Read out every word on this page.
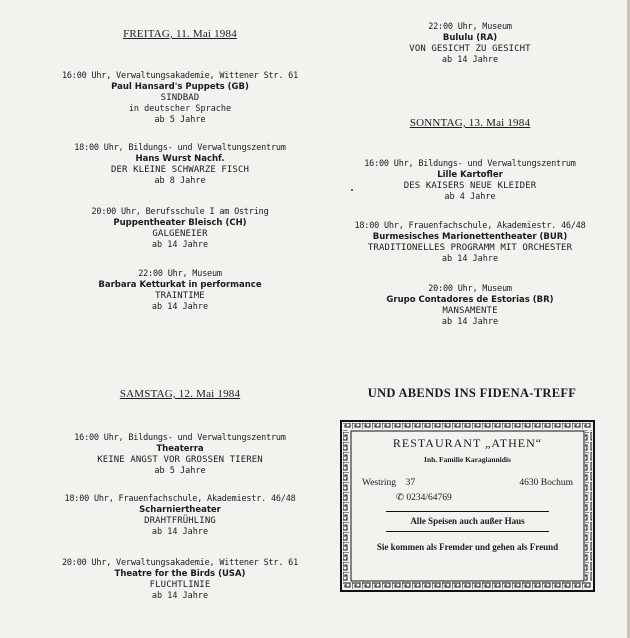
FREITAG, 11. Mai 1984
16:00 Uhr, Verwaltungsakademie, Wittener Str. 61
Paul Hansard's Puppets (GB)
SINDBAD
in deutscher Sprache
ab 5 Jahre
18:00 Uhr, Bildungs- und Verwaltungszentrum
Hans Wurst Nachf.
DER KLEINE SCHWARZE FISCH
ab 8 Jahre
20:00 Uhr, Berufsschule I am Ostring
Puppentheater Bleisch (CH)
GALGENEIER
ab 14 Jahre
22:00 Uhr, Museum
Barbara Ketturkat in performance
TRAINTIME
ab 14 Jahre
SAMSTAG, 12. Mai 1984
16:00 Uhr, Bildungs- und Verwaltungszentrum
Theaterra
KEINE ANGST VOR GROSSEN TIEREN
ab 5 Jahre
18:00 Uhr, Frauenfachschule, Akademiestr. 46/48
Scharniertheater
DRAHTFRÜHLING
ab 14 Jahre
20:00 Uhr, Verwaltungsakademie, Wittener Str. 61
Theatre for the Birds (USA)
FLUCHTLINIE
ab 14 Jahre
22:00 Uhr, Museum
Bululu (RA)
VON GESICHT ZU GESICHT
ab 14 Jahre
SONNTAG, 13. Mai 1984
16:00 Uhr, Bildungs- und Verwaltungszentrum
Lille Kartofler
DES KAISERS NEUE KLEIDER
ab 4 Jahre
18:00 Uhr, Frauenfachschule, Akademiestr. 46/48
Burmesisches Marionettentheater (BUR)
TRADITIONELLES PROGRAMM MIT ORCHESTER
ab 14 Jahre
20:00 Uhr, Museum
Grupo Contadores de Estorias (BR)
MANSAMENTE
ab 14 Jahre
UND ABENDS INS FIDENA-TREFF
RESTAURANT „ATHEN“
Inh. Familie Karagiannidis
Westring 37	4630 Bochum
✆ 0234/64769
Alle Speisen auch außer Haus
Sie kommen als Fremder und gehen als Freund
